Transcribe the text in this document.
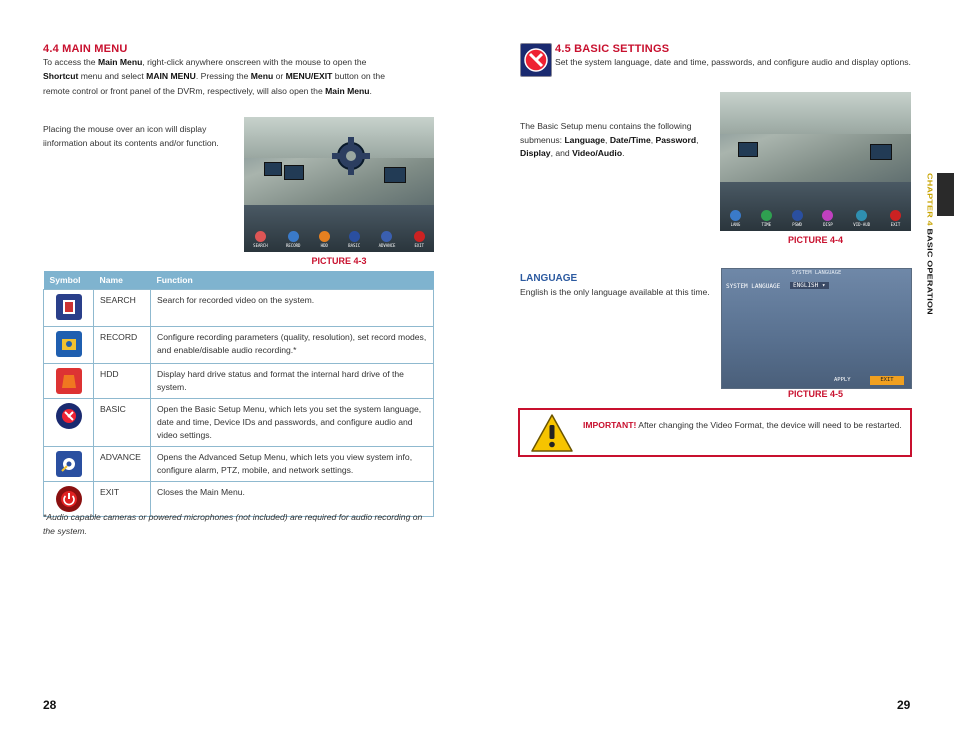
4.4 MAIN MENU
To access the Main Menu, right-click anywhere onscreen with the mouse to open the
Shortcut menu and select MAIN MENU. Pressing the Menu or MENU/EXIT button on the
remote control or front panel of the DVRm, respectively, will also open the Main Menu.
Placing the mouse over an icon will display iinformation about its contents and/or function.
SEARCH	RECORD	HDD	BASIC	ADVANCE	EXIT
PICTURE 4-3
Symbol	Name	Function

	SEARCH	Search for recorded video on the system.

	RECORD	Configure recording parameters (quality, resolution), set record modes, and enable/disable audio recording.*

	HDD	Display hard drive status and format the internal hard drive of the system.

	BASIC	Open the Basic Setup Menu, which lets you set the system language, date and time, Device IDs and passwords, and configure audio and video settings.

	ADVANCE	Opens the Advanced Setup Menu, which lets you view system info, configure alarm, PTZ, mobile, and network settings.

	EXIT	Closes the Main Menu.
*Audio capable cameras or powered microphones (not included) are required for audio recording on the system.
28
4.5 BASIC SETTINGS
Set the system language, date and time, passwords, and configure audio and display options.
The Basic Setup menu contains the following submenus: Language, Date/Time, Password, Display, and Video/Audio.
LANG	TIME	PSWD	DISP	VID-AUD	EXIT
PICTURE 4-4
LANGUAGE
English is the only language available at this time.
SYSTEM LANGUAGE
SYSTEM LANGUAGE	ENGLISH ▾
APPLY	EXIT
PICTURE 4-5
IMPORTANT! After changing the Video Format, the device will need to be restarted.
CHAPTER 4 BASIC OPERATION
29
